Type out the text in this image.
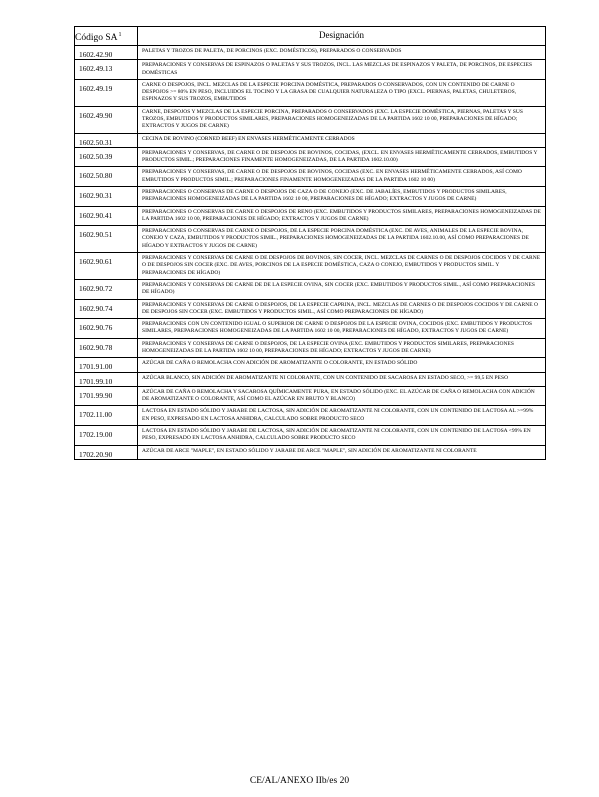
Código $SA^1$	Designación
1602.42.90	PALETAS Y TROZOS DE PALETA, DE PORCINOS (EXC. DOMÉSTICOS), PREPARADOS O CONSERVADOS
1602.49.13	PREPARACIONES Y CONSERVAS DE ESPINAZOS O PALETAS Y SUS TROZOS, INCL. LAS MEZCLAS DE ESPINAZOS Y PALETA, DE PORCINOS, DE ESPECIES DOMÉSTICAS
1602.49.19	CARNE O DESPOJOS, INCL. MEZCLAS DE LA ESPECIE PORCINA DOMÉSTICA, PREPARADOS O CONSERVADOS, CON UN CONTENIDO DE CARNE O DESPOJOS >= 80% EN PESO, INCLUIDOS EL TOCINO Y LA GRASA DE CUALQUIER NATURALEZA O TIPO (EXCL. PIERNAS, PALETAS, CHULETEROS, ESPINAZOS Y SUS TROZOS, EMBUTIDOS
1602.49.90	CARNE, DESPOJOS Y MEZCLAS DE LA ESPECIE PORCINA, PREPARADOS O CONSERVADOS (EXC. LA ESPECIE DOMÉSTICA, PIERNAS, PALETAS Y SUS TROZOS, EMBUTIDOS Y PRODUCTOS SIMILARES, PREPARACIONES HOMOGENEIZADAS DE LA PARTIDA 1602 10 00, PREPARACIONES DE HÍGADO; EXTRACTOS Y JUGOS DE CARNE)
1602.50.31	CECINA DE BOVINO (CORNED BEEF) EN ENVASES HERMÉTICAMENTE CERRADOS
1602.50.39	PREPARACIONES Y CONSERVAS, DE CARNE O DE DESPOJOS DE BOVINOS, COCIDAS, (EXCL. EN ENVASES HERMÉTICAMENTE CERRADOS, EMBUTIDOS Y PRODUCTOS SIMIL.; PREPARACIONES FINAMENTE HOMOGENEIZADAS, DE LA PARTIDA 1602.10.00)
1602.50.80	PREPARACIONES Y CONSERVAS, DE CARNE O DE DESPOJOS DE BOVINOS, COCIDAS (EXC. EN ENVASES HERMÉTICAMENTE CERRADOS, ASÍ COMO EMBUTIDOS Y PRODUCTOS SIMIL.; PREPARACIONES FINAMENTE HOMOGENEIZADAS DE LA PARTIDA 1602 10 00)
1602.90.31	PREPARACIONES O CONSERVAS DE CARNE O DESPOJOS DE CAZA O DE CONEJO (EXC. DE JABALÍES, EMBUTIDOS Y PRODUCTOS SIMILARES, PREPARACIONES HOMOGENEIZADAS DE LA PARTIDA 1602 10 00, PREPARACIONES DE HÍGADO; EXTRACTOS Y JUGOS DE CARNE)
1602.90.41	PREPARACIONES O CONSERVAS DE CARNE O DESPOJOS DE RENO (EXC. EMBUTIDOS Y PRODUCTOS SIMILARES, PREPARACIONES HOMOGENEIZADAS DE LA PARTIDA 1602 10 00, PREPARACIONES DE HÍGADO; EXTRACTOS Y JUGOS DE CARNE)
1602.90.51	PREPARACIONES O CONSERVAS DE CARNE O DESPOJOS, DE LA ESPECIE PORCINA DOMÉSTICA (EXC. DE AVES, ANIMALES DE LA ESPECIE BOVINA, CONEJO Y CAZA, EMBUTIDOS Y PRODUCTOS SIMIL., PREPARACIONES HOMOGENEIZADAS DE LA PARTIDA 1602.10.00, ASÍ COMO PREPARACIONES DE HÍGADO Y EXTRACTOS Y JUGOS DE CARNE)
1602.90.61	PREPARACIONES Y CONSERVAS DE CARNE O DE DESPOJOS DE BOVINOS, SIN COCER, INCL. MEZCLAS DE CARNES O DE DESPOJOS COCIDOS Y DE CARNE O DE DESPOJOS SIN COCER (EXC. DE AVES, PORCINOS DE LA ESPECIE DOMÉSTICA, CAZA O CONEJO, EMBUTIDOS Y PRODUCTOS SIMIL. Y PREPARACIONES DE HÍGADO)
1602.90.72	PREPARACIONES Y CONSERVAS DE CARNE DE DE LA ESPECIE OVINA, SIN COCER (EXC. EMBUTIDOS Y PRODUCTOS SIMIL., ASÍ COMO PREPARACIONES DE HÍGADO)
1602.90.74	PREPARACIONES Y CONSERVAS DE CARNE O DESPOJOS, DE LA ESPECIE CAPRINA, INCL. MEZCLAS DE CARNES O DE DESPOJOS COCIDOS Y DE CARNE O DE DESPOJOS SIN COCER (EXC. EMBUTIDOS Y PRODUCTOS SIMIL., ASÍ COMO PREPARACIONES DE HÍGADO)
1602.90.76	PREPARACIONES CON UN CONTENIDO IGUAL O SUPERIOR DE CARNE O DESPOJOS DE LA ESPECIE OVINA, COCIDOS (EXC. EMBUTIDOS Y PRODUCTOS SIMILARES, PREPARACIONES HOMOGENEIZADAS DE LA PARTIDA 1602 10 00, PREPARACIONES DE HÍGADO, EXTRACTOS Y JUGOS DE CARNE)
1602.90.78	PREPARACIONES Y CONSERVAS DE CARNE O DESPOJOS, DE LA ESPECIE OVINA (EXC. EMBUTIDOS Y PRODUCTOS SIMILARES, PREPARACIONES HOMOGENEIZADAS DE LA PARTIDA 1602 10 00, PREPARACIONES DE HÍGADO; EXTRACTOS Y JUGOS DE CARNE)
1701.91.00	AZÚCAR DE CAÑA O REMOLACHA CON ADICIÓN DE AROMATIZANTE O COLORANTE, EN ESTADO SÓLIDO
1701.99.10	AZÚCAR BLANCO, SIN ADICIÓN DE AROMATIZANTE NI COLORANTE, CON UN CONTENIDO DE SACAROSA EN ESTADO SECO, >= 99,5 EN PESO
1701.99.90	AZÚCAR DE CAÑA O REMOLACHA Y SACAROSA QUÍMICAMENTE PURA, EN ESTADO SÓLIDO (EXC. EL AZÚCAR DE CAÑA O REMOLACHA CON ADICIÓN DE AROMATIZANTE O COLORANTE, ASÍ COMO EL AZÚCAR EN BRUTO Y BLANCO)
1702.11.00	LACTOSA EN ESTADO SÓLIDO Y JARABE DE LACTOSA, SIN ADICIÓN DE AROMATIZANTE NI COLORANTE, CON UN CONTENIDO DE LACTOSA AL >=99% EN PESO, EXPRESADO EN LACTOSA ANHIDRA, CALCULADO SOBRE PRODUCTO SECO
1702.19.00	LACTOSA EN ESTADO SÓLIDO Y JARABE DE LACTOSA, SIN ADICIÓN DE AROMATIZANTE NI COLORANTE, CON UN CONTENIDO DE LACTOSA <99% EN PESO, EXPRESADO EN LACTOSA ANHIDRA, CALCULADO SOBRE PRODUCTO SECO
1702.20.90	AZÚCAR DE ARCE "MAPLE", EN ESTADO SÓLIDO Y JARABE DE ARCE "MAPLE", SIN ADICIÓN DE AROMATIZANTE NI COLORANTE
CE/AL/ANEXO IIb/es 20
